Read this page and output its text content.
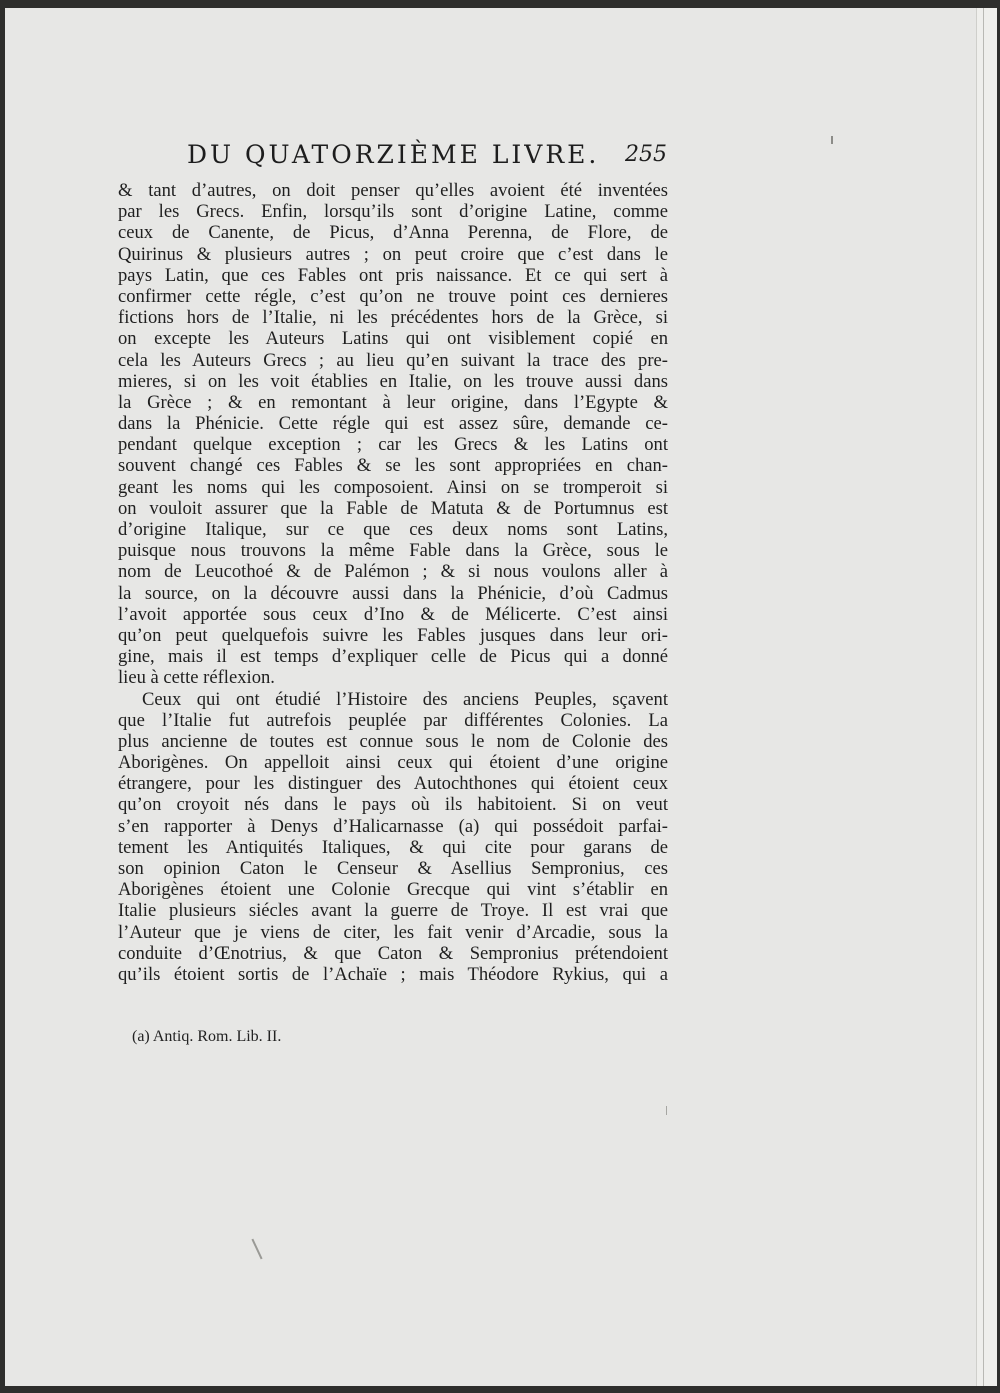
DU QUATORZIÈME LIVRE. 255
& tant d’autres, on doit penser qu’elles avoient été inventées
par les Grecs. Enfin, lorsqu’ils sont d’origine Latine, comme
ceux de Canente, de Picus, d’Anna Perenna, de Flore, de
Quirinus & plusieurs autres ; on peut croire que c’est dans le
pays Latin, que ces Fables ont pris naissance. Et ce qui sert à
confirmer cette régle, c’est qu’on ne trouve point ces dernieres
fictions hors de l’Italie, ni les précédentes hors de la Grèce, si
on excepte les Auteurs Latins qui ont visiblement copié en
cela les Auteurs Grecs ; au lieu qu’en suivant la trace des pre-
mieres, si on les voit établies en Italie, on les trouve aussi dans
la Grèce ; & en remontant à leur origine, dans l’Egypte &
dans la Phénicie. Cette régle qui est assez sûre, demande ce-
pendant quelque exception ; car les Grecs & les Latins ont
souvent changé ces Fables & se les sont appropriées en chan-
geant les noms qui les composoient. Ainsi on se tromperoit si
on vouloit assurer que la Fable de Matuta & de Portumnus est
d’origine Italique, sur ce que ces deux noms sont Latins,
puisque nous trouvons la même Fable dans la Grèce, sous le
nom de Leucothoé & de Palémon ; & si nous voulons aller à
la source, on la découvre aussi dans la Phénicie, d’où Cadmus
l’avoit apportée sous ceux d’Ino & de Mélicerte. C’est ainsi
qu’on peut quelquefois suivre les Fables jusques dans leur ori-
gine, mais il est temps d’expliquer celle de Picus qui a donné
lieu à cette réflexion.
Ceux qui ont étudié l’Histoire des anciens Peuples, sçavent
que l’Italie fut autrefois peuplée par différentes Colonies. La
plus ancienne de toutes est connue sous le nom de Colonie des
Aborigènes. On appelloit ainsi ceux qui étoient d’une origine
étrangere, pour les distinguer des Autochthones qui étoient ceux
qu’on croyoit nés dans le pays où ils habitoient. Si on veut
s’en rapporter à Denys d’Halicarnasse (a) qui possédoit parfai-
tement les Antiquités Italiques, & qui cite pour garans de
son opinion Caton le Censeur & Asellius Sempronius, ces
Aborigènes étoient une Colonie Grecque qui vint s’établir en
Italie plusieurs siécles avant la guerre de Troye. Il est vrai que
l’Auteur que je viens de citer, les fait venir d’Arcadie, sous la
conduite d’Œnotrius, & que Caton & Sempronius prétendoient
qu’ils étoient sortis de l’Achaïe ; mais Théodore Rykius, qui a
(a) Antiq. Rom. Lib. II.
